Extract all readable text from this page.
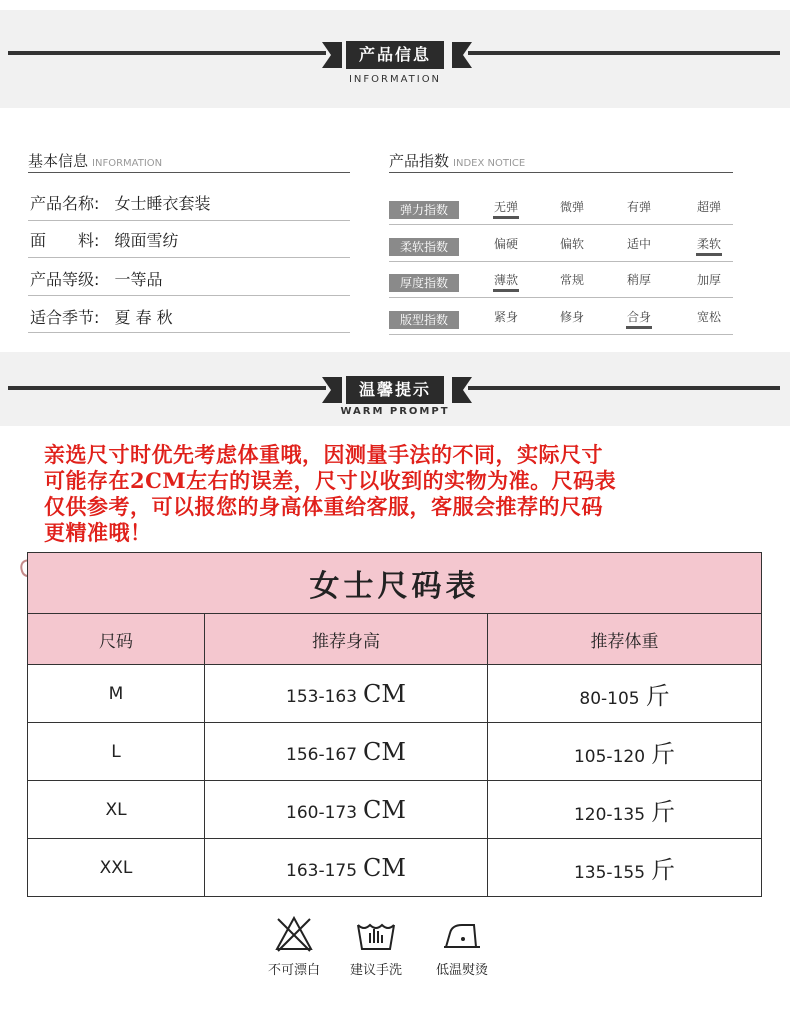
产品信息
INFORMATION
基本信息 INFORMATION
产品名称: 女士睡衣套装
面　　料: 缎面雪纺
产品等级: 一等品
适合季节: 夏 春 秋
产品指数 INDEX NOTICE
弹力指数	无弹	微弹	有弹	超弹
柔软指数	偏硬	偏软	适中	柔软
厚度指数	薄款	常规	稍厚	加厚
版型指数	紧身	修身	合身	宽松
温馨提示
WARM PROMPT
亲选尺寸时优先考虑体重哦，因测量手法的不同，实际尺寸
可能存在2CM左右的误差，尺寸以收到的实物为准。尺码表
仅供参考，可以报您的身高体重给客服，客服会推荐的尺码
更精准哦！
女士尺码表		
尺码	推荐身高	推荐体重
M	153-163 CM	80-105 斤
L	156-167 CM	105-120 斤
XL	160-173 CM	120-135 斤
XXL	163-175 CM	135-155 斤
不可漂白	建议手洗	低温熨烫
